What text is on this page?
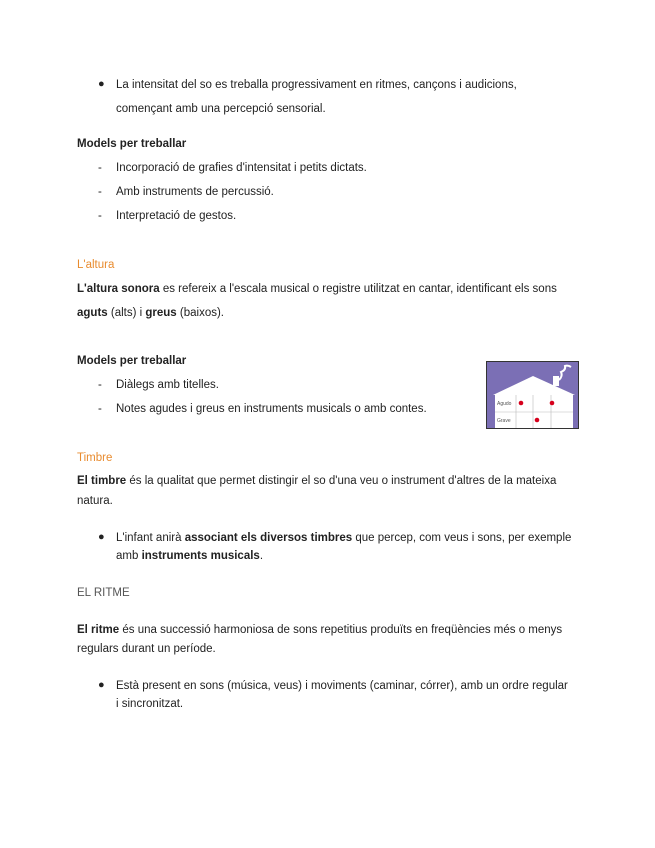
● La intensitat del so es treballa progressivament en ritmes, cançons i audicions,
començant amb una percepció sensorial.
Models per treballar
- Incorporació de grafies d'intensitat i petits dictats.
- Amb instruments de percussió.
- Interpretació de gestos.
L'altura
L'altura sonora es refereix a l'escala musical o registre utilitzat en cantar, identificant els sons
aguts (alts) i greus (baixos).
Models per treballar
- Diàlegs amb titelles.
- Notes agudes i greus en instruments musicals o amb contes.	Agudo
Grave
Timbre
El timbre és la qualitat que permet distingir el so d'una veu o instrument d'altres de la mateixa
natura.
● L'infant anirà associant els diversos timbres que percep, com veus i sons, per exemple
amb instruments musicals.
EL RITME
El ritme és una successió harmoniosa de sons repetitius produïts en freqüències més o menys
regulars durant un període.
● Està present en sons (música, veus) i moviments (caminar, córrer), amb un ordre regular
i sincronitzat.
